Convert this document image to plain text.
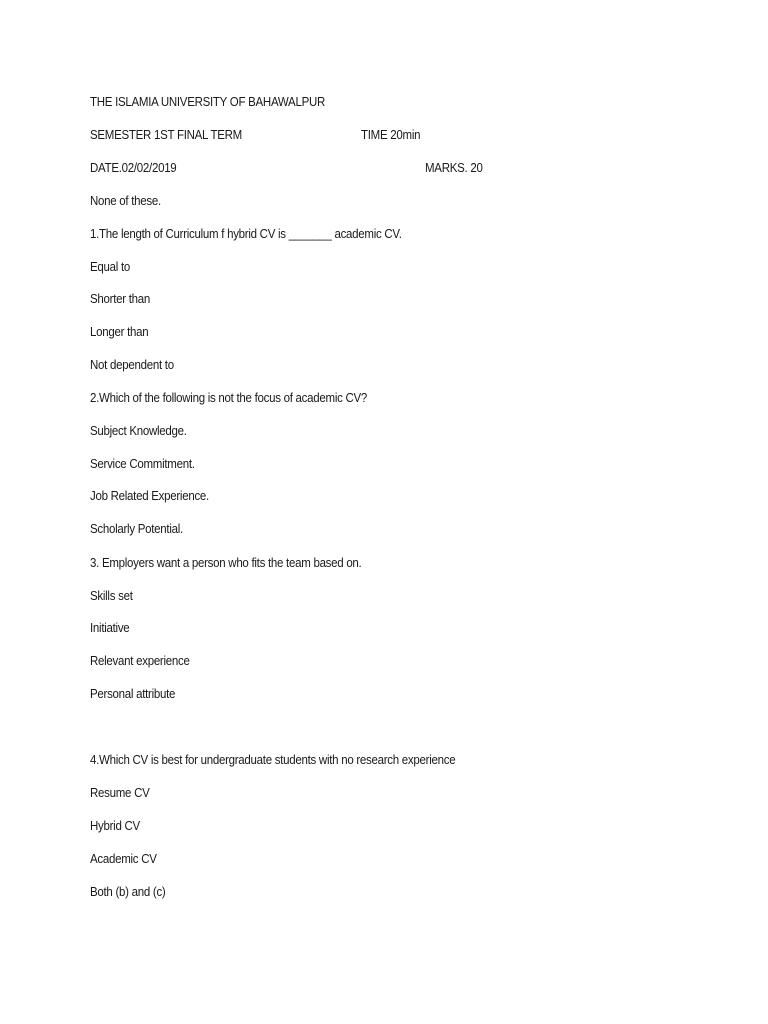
THE ISLAMIA UNIVERSITY OF BAHAWALPUR
SEMESTER 1ST FINAL TERM	TIME 20min
DATE.02/02/2019	MARKS. 20
None of these.
1.The length of Curriculum f hybrid CV is _______ academic CV.
Equal to
Shorter than
Longer than
Not dependent to
2.Which of the following is not the focus of academic CV?
Subject Knowledge.
Service Commitment.
Job Related Experience.
Scholarly Potential.
3. Employers want a person who fits the team based on.
Skills set
Initiative
Relevant experience
Personal attribute
4.Which CV is best for undergraduate students with no research experience
Resume CV
Hybrid CV
Academic CV
Both (b) and (c)
